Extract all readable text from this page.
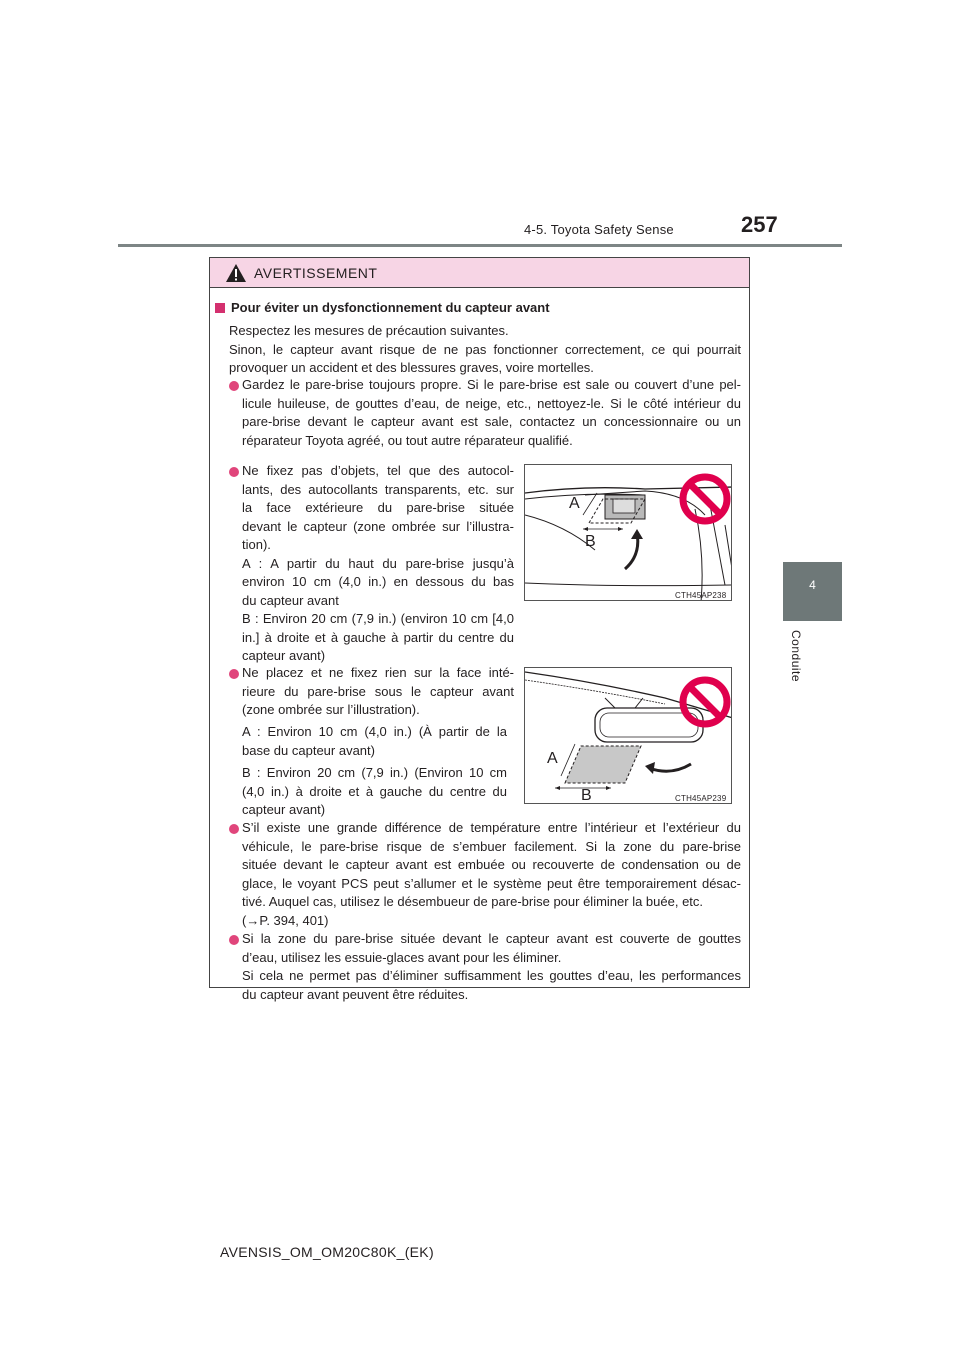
4-5. Toyota Safety Sense	257
4
Conduite
AVERTISSEMENT
Pour éviter un dysfonctionnement du capteur avant
Respectez les mesures de précaution suivantes.
Sinon, le capteur avant risque de ne pas fonctionner correctement, ce qui pourrait
provoquer un accident et des blessures graves, voire mortelles.
Gardez le pare-brise toujours propre. Si le pare-brise est sale ou couvert d’une pel-
licule huileuse, de gouttes d’eau, de neige, etc., nettoyez-le. Si le côté intérieur du
pare-brise devant le capteur avant est sale, contactez un concessionnaire ou un
réparateur Toyota agréé, ou tout autre réparateur qualifié.
Ne fixez pas d’objets, tel que des autocol-
lants, des autocollants transparents, etc. sur
la face extérieure du pare-brise située
devant le capteur (zone ombrée sur l’illustra-
tion).
A : A partir du haut du pare-brise jusqu’à
environ 10 cm (4,0 in.) en dessous du bas
du capteur avant
B : Environ 20 cm (7,9 in.) (environ 10 cm [4,0
in.] à droite et à gauche à partir du centre du
capteur avant)
A
B
CTH45AP238
Ne placez et ne fixez rien sur la face inté-
rieure du pare-brise sous le capteur avant
(zone ombrée sur l’illustration).
A : Environ 10 cm (4,0 in.) (À partir de la
base du capteur avant)
B : Environ 20 cm (7,9 in.) (Environ 10 cm
(4,0 in.) à droite et à gauche du centre du
capteur avant)
A
B	CTH45AP239
S’il existe une grande différence de température entre l’intérieur et l’extérieur du
véhicule, le pare-brise risque de s’embuer facilement. Si la zone du pare-brise
située devant le capteur avant est embuée ou recouverte de condensation ou de
glace, le voyant PCS peut s’allumer et le système peut être temporairement désac-
tivé. Auquel cas, utilisez le désembueur de pare-brise pour éliminer la buée, etc.
(→P. 394, 401)
Si la zone du pare-brise située devant le capteur avant est couverte de gouttes
d’eau, utilisez les essuie-glaces avant pour les éliminer.
Si cela ne permet pas d’éliminer suffisamment les gouttes d’eau, les performances
du capteur avant peuvent être réduites.
AVENSIS_OM_OM20C80K_(EK)
